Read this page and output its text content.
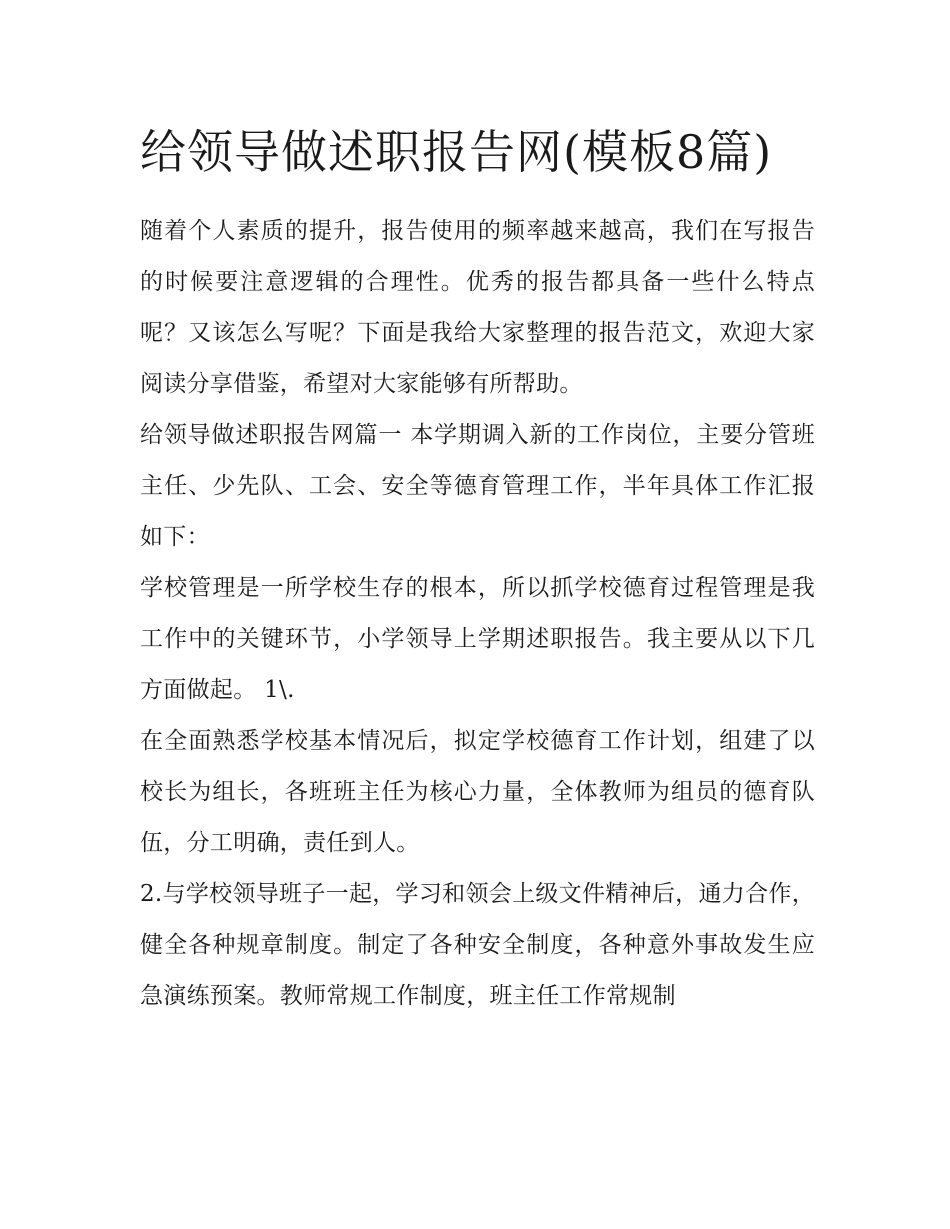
给领导做述职报告网(模板8篇)

随着个人素质的提升，报告使用的频率越来越高，我们在写报告的时候要注意逻辑的合理性。优秀的报告都具备一些什么特点呢？又该怎么写呢？下面是我给大家整理的报告范文，欢迎大家阅读分享借鉴，希望对大家能够有所帮助。

给领导做述职报告网篇一 本学期调入新的工作岗位，主要分管班主任、少先队、工会、安全等德育管理工作，半年具体工作汇报如下：

学校管理是一所学校生存的根本，所以抓学校德育过程管理是我工作中的关键环节，小学领导上学期述职报告。我主要从以下几方面做起。 1\.

在全面熟悉学校基本情况后，拟定学校德育工作计划，组建了以校长为组长，各班班主任为核心力量，全体教师为组员的德育队伍，分工明确，责任到人。

2.与学校领导班子一起，学习和领会上级文件精神后，通力合作，健全各种规章制度。制定了各种安全制度，各种意外事故发生应急演练预案。教师常规工作制度，班主任工作常规制
